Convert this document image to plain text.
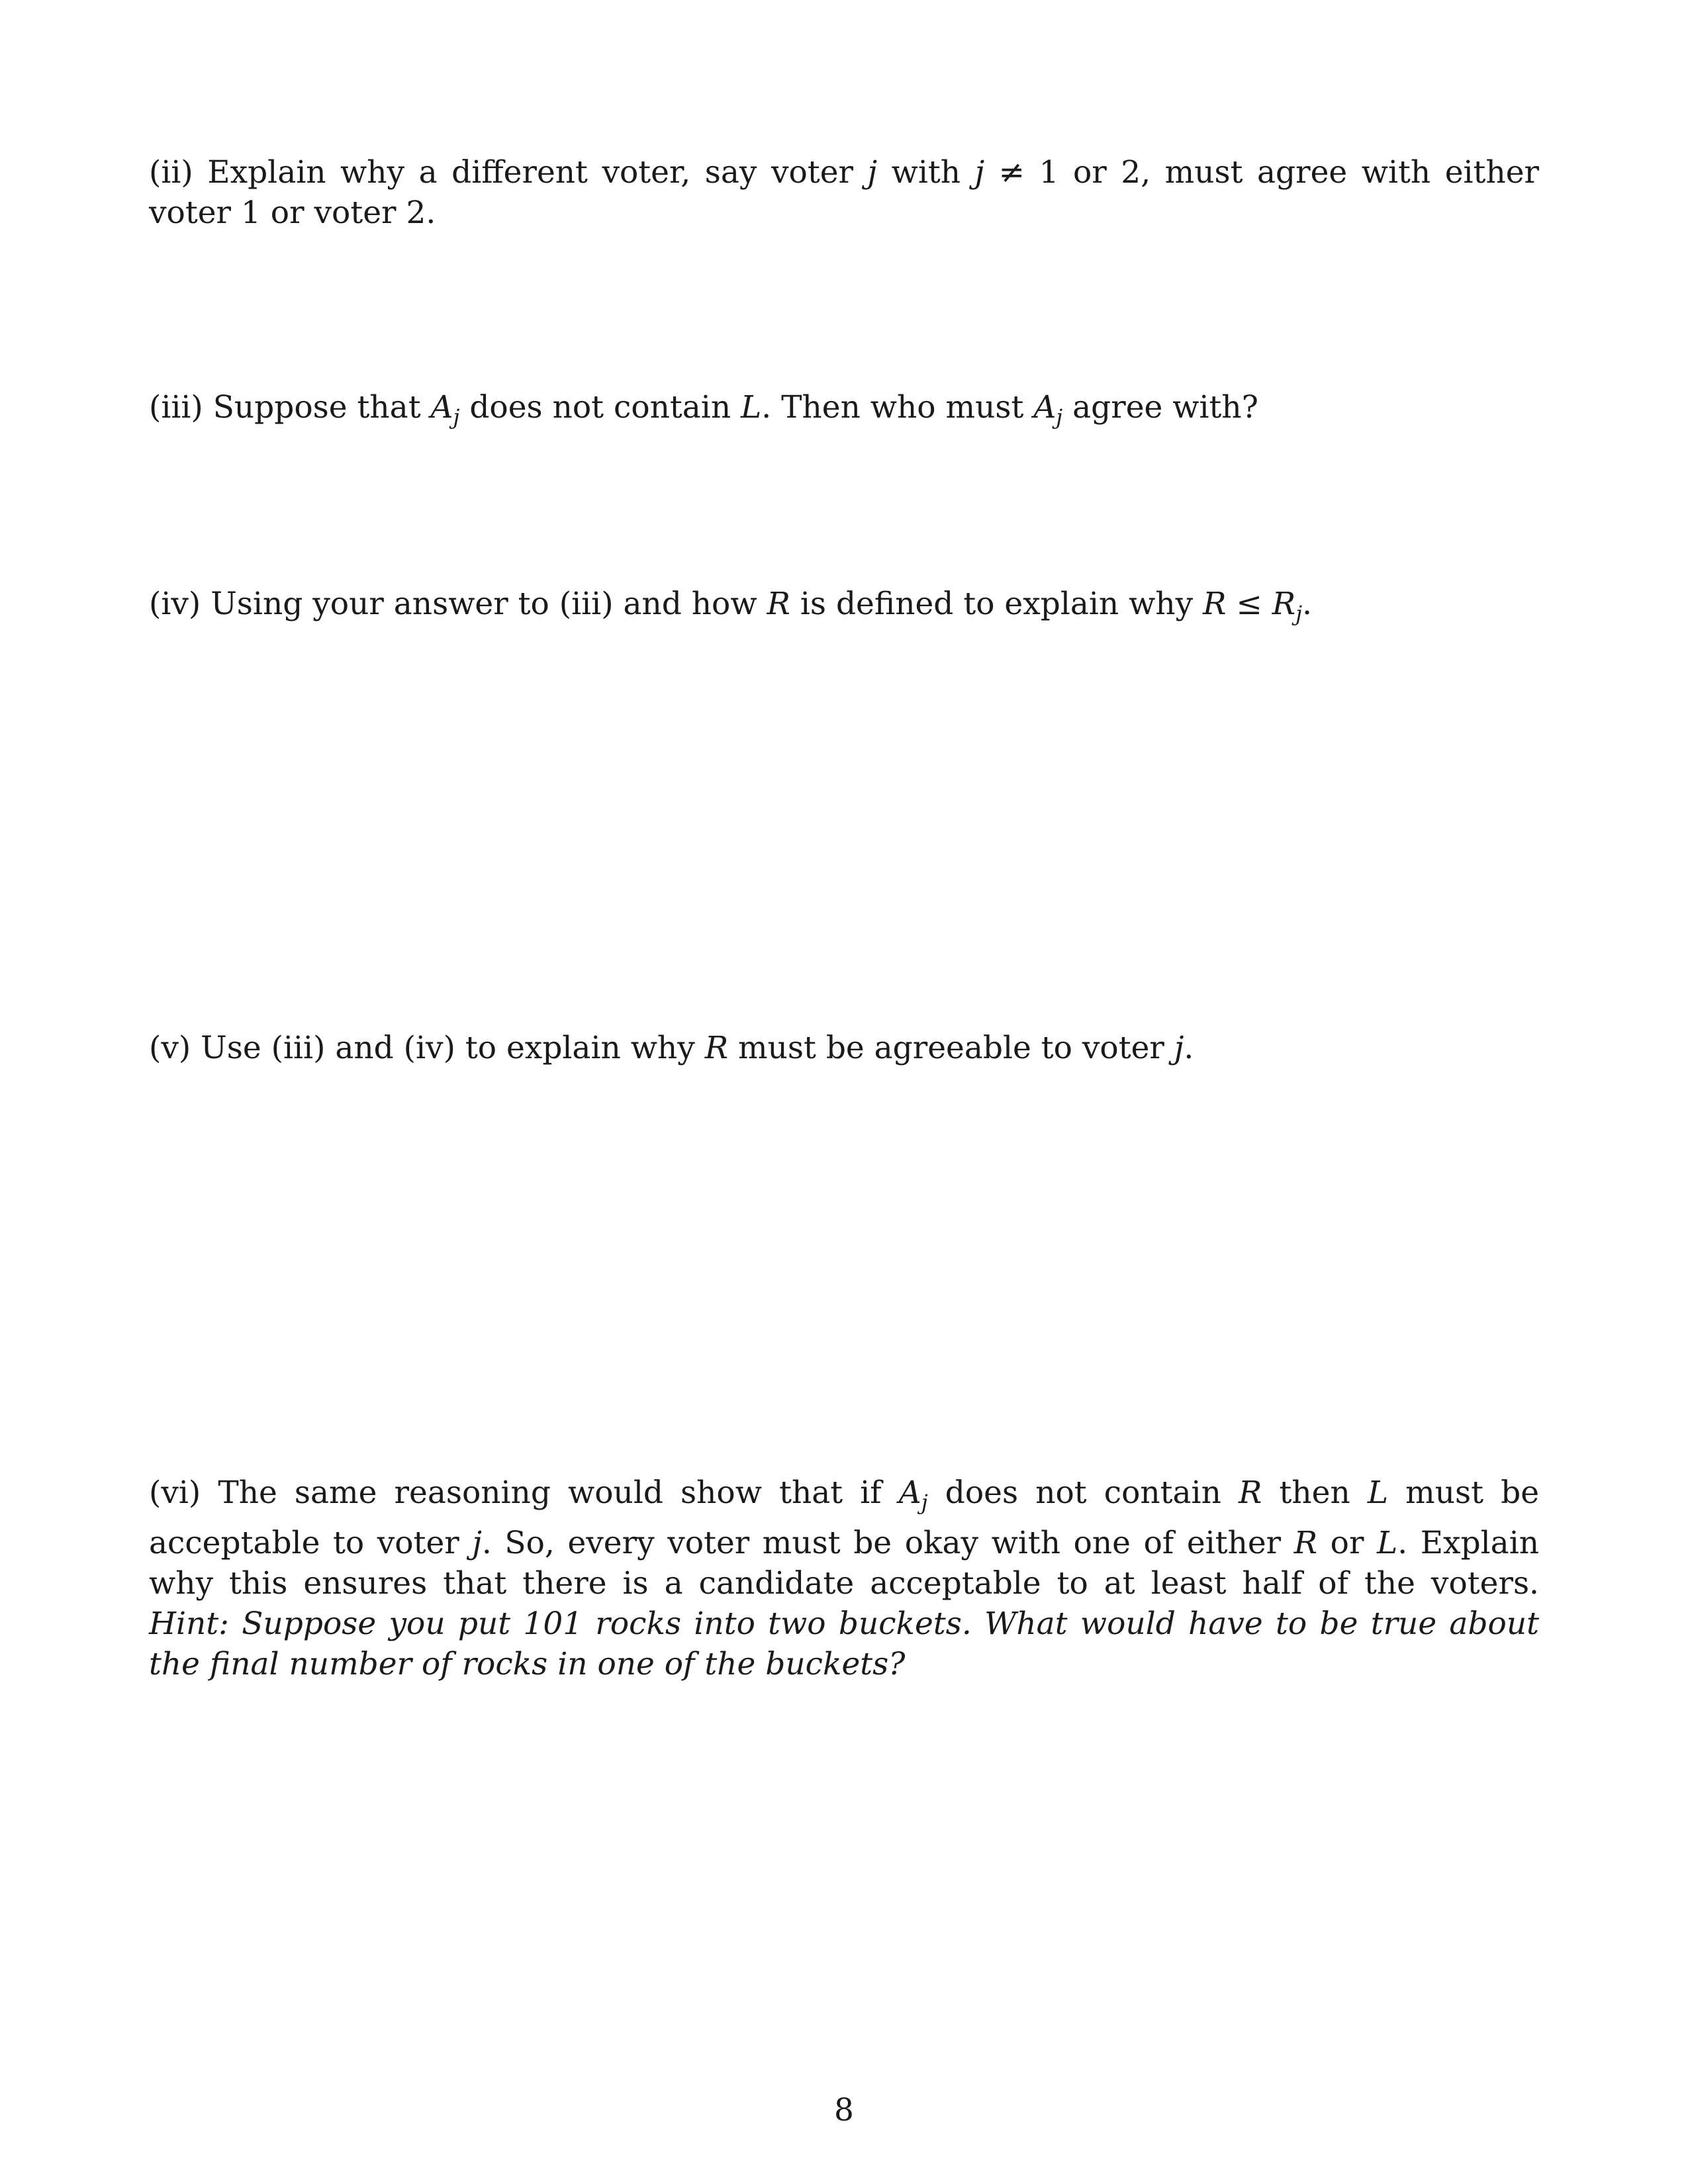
(ii) Explain why a different voter, say voter j with j ≠ 1 or 2, must agree with either voter 1 or voter 2.
(iii) Suppose that $A_j$ does not contain L. Then who must $A_j$ agree with?
(iv) Using your answer to (iii) and how R is defined to explain why $R \le R_j$.
(v) Use (iii) and (iv) to explain why R must be agreeable to voter j.
(vi) The same reasoning would show that if $A_j$ does not contain R then L must be acceptable to voter j. So, every voter must be okay with one of either R or L. Explain why this ensures that there is a candidate acceptable to at least half of the voters. Hint: Suppose you put 101 rocks into two buckets. What would have to be true about the final number of rocks in one of the buckets?
8
